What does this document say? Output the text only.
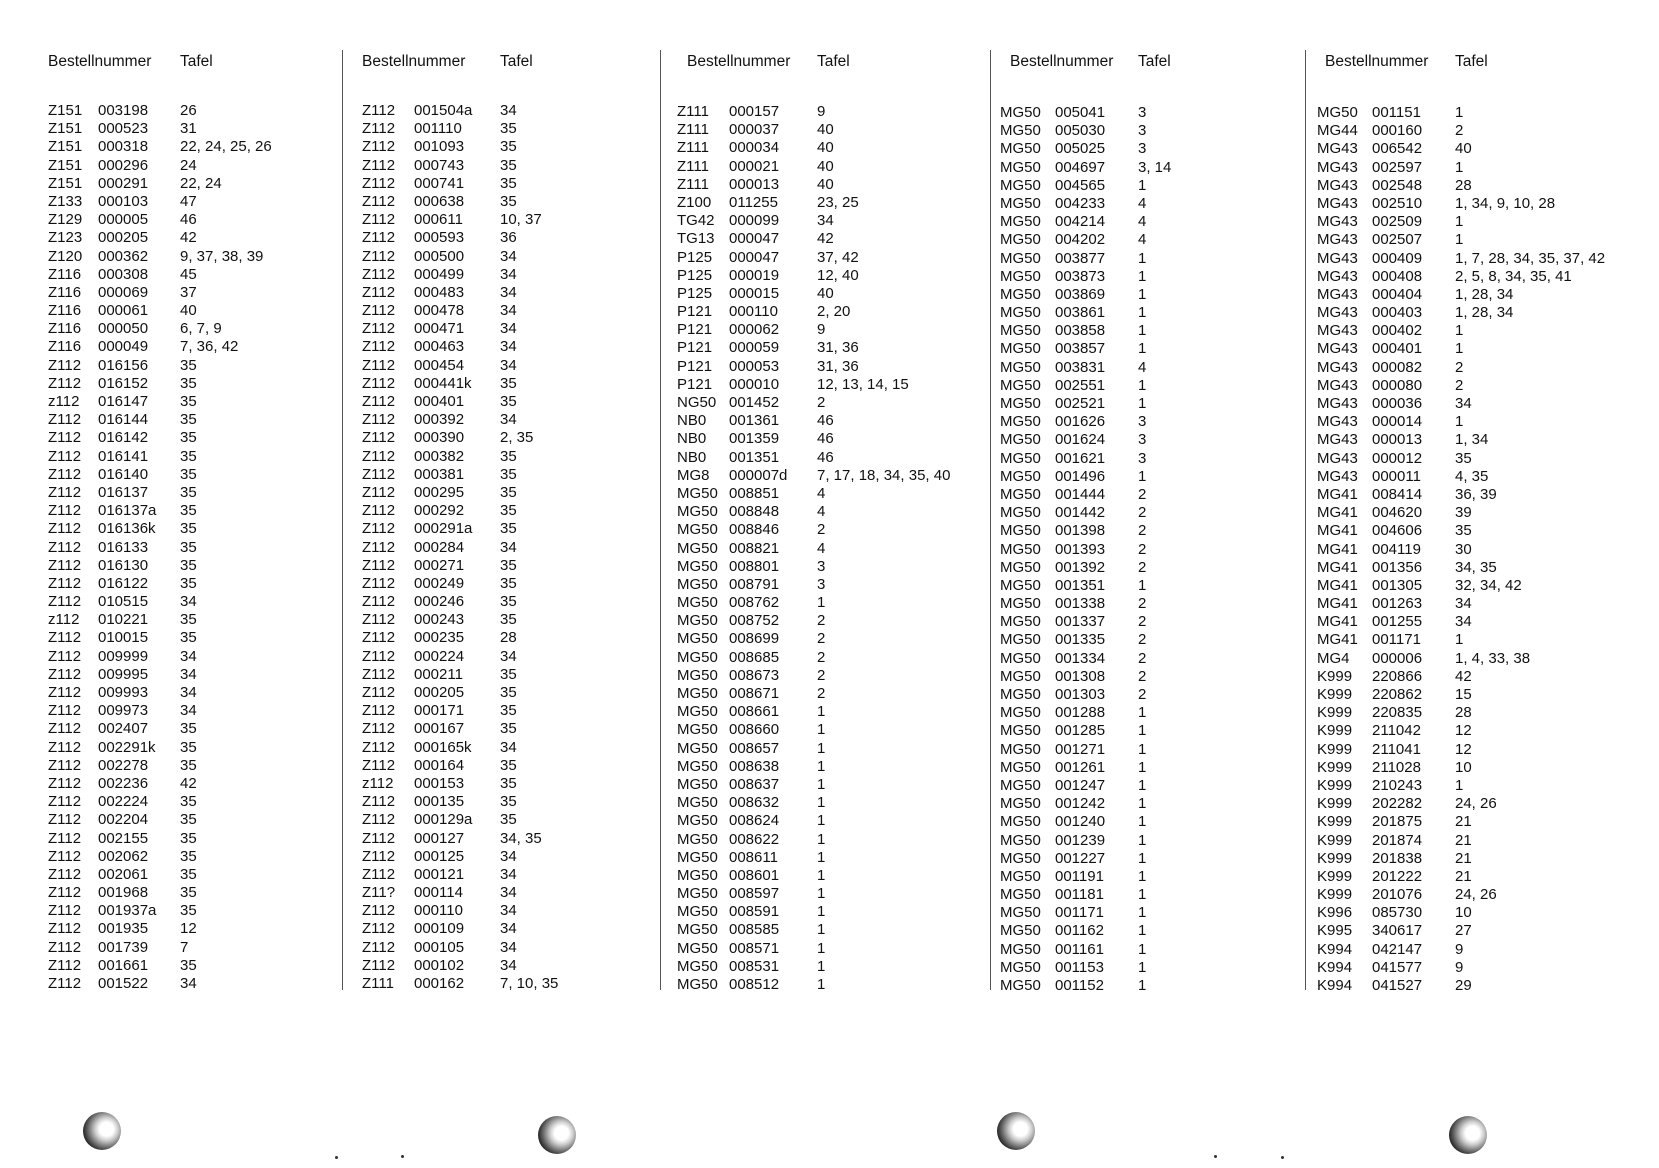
Bestellnummer Tafel
Z151 003198 26
Z151 000523 31
Z151 000318 22, 24, 25, 26
Z151 000296 24
Z151 000291 22, 24
Z133 000103 47
Z129 000005 46
Z123 000205 42
Z120 000362 9, 37, 38, 39
Z116 000308 45
Z116 000069 37
Z116 000061 40
Z116 000050 6, 7, 9
Z116 000049 7, 36, 42
Z112 016156 35
Z112 016152 35
z112 016147 35
Z112 016144 35
Z112 016142 35
Z112 016141 35
Z112 016140 35
Z112 016137 35
Z112 016137a 35
Z112 016136k 35
Z112 016133 35
Z112 016130 35
Z112 016122 35
Z112 010515 34
z112 010221 35
Z112 010015 35
Z112 009999 34
Z112 009995 34
Z112 009993 34
Z112 009973 34
Z112 002407 35
Z112 002291k 35
Z112 002278 35
Z112 002236 42
Z112 002224 35
Z112 002204 35
Z112 002155 35
Z112 002062 35
Z112 002061 35
Z112 001968 35
Z112 001937a 35
Z112 001935 12
Z112 001739 7
Z112 001661 35
Z112 001522 34
Bestellnummer Tafel
Z112 001504a 34
Z112 001110	35
Z112 001093 35
Z112 000743 35
Z112 000741 35
Z112 000638 35
Z112 000611 10, 37
Z112 000593 36
Z112 000500 34
Z112 000499 34
Z112 000483 34
Z112 000478 34
Z112 000471 34
Z112 000463 34
Z112 000454 34
Z112 000441k 35
Z112 000401 35
Z112 000392 34
Z112 000390 2, 35
Z112 000382 35
Z112 000381 35
Z112 000295 35
Z112 000292 35
Z112 000291a 35
Z112 000284 34
Z112 000271 35
Z112 000249 35
Z112 000246 35
Z112 000243 35
Z112 000235 28
Z112 000224 34
Z112 000211 35
Z112 000205 35
Z112 000171 35
Z112 000167 35
Z112 000165k 34
Z112 000164 35
z112 000153 35
Z112 000135 35
Z112 000129a 35
Z112 000127 34, 35
Z112 000125 34
Z112 000121 34
Z11? 000114 34
Z112 000110 34
Z112 000109 34
Z112 000105 34
Z112 000102 34
Z111 000162 7, 10, 35
Bestellnummer Tafel
Z111 000157	9
Z111 000037	40
Z111 000034	40
Z111 000021	40
Z111 000013	40
Z100 011255	23, 25
TG42 000099	34
TG13 000047	42
P125 000047	37, 42
P125 000019	12, 40
P125 000015	40
P121 000110	2, 20
P121 000062	9
P121 000059	31, 36
P121 000053	31, 36
P121 000010	12, 13, 14, 15
NG50 001452	2
NB0 001361	46
NB0 001359	46
NB0 001351	46
MG8 000007d 7, 17, 18, 34, 35, 40
MG50 008851	4
MG50 008848	4
MG50 008846	2
MG50 008821	4
MG50 008801	3
MG50 008791	3
MG50 008762	1
MG50 008752	2
MG50 008699	2
MG50 008685	2
MG50 008673	2
MG50 008671	2
MG50 008661	1
MG50 008660	1
MG50 008657	1
MG50 008638	1
MG50 008637	1
MG50 008632	1
MG50 008624	1
MG50 008622	1
MG50 008611	1
MG50 008601	1
MG50 008597	1
MG50 008591	1
MG50 008585	1
MG50 008571	1
MG50 008531	1
MG50 008512	1
Bestellnummer Tafel
MG50 005041 3
MG50 005030 3
MG50 005025 3
MG50 004697 3, 14
MG50 004565 1
MG50 004233 4
MG50 004214 4
MG50 004202 4
MG50 003877 1
MG50 003873 1
MG50 003869 1
MG50 003861 1
MG50 003858 1
MG50 003857 1
MG50 003831 4
MG50 002551 1
MG50 002521 1
MG50 001626 3
MG50 001624 3
MG50 001621 3
MG50 001496 1
MG50 001444 2
MG50 001442 2
MG50 001398 2
MG50 001393 2
MG50 001392 2
MG50 001351 1
MG50 001338 2
MG50 001337 2
MG50 001335 2
MG50 001334 2
MG50 001308 2
MG50 001303 2
MG50 001288 1
MG50 001285 1
MG50 001271 1
MG50 001261 1
MG50 001247 1
MG50 001242 1
MG50 001240 1
MG50 001239 1
MG50 001227 1
MG50 001191 1
MG50 001181 1
MG50 001171 1
MG50 001162 1
MG50 001161 1
MG50 001153 1
MG50 001152 1
Bestellnummer Tafel
MG50 001151 1
MG44 000160 2
MG43 006542 40
MG43 002597 1
MG43 002548 28
MG43 002510 1, 34, 9, 10, 28
MG43 002509 1
MG43 002507 1
MG43 000409 1, 7, 28, 34, 35, 37, 42
MG43 000408 2, 5, 8, 34, 35, 41
MG43 000404 1, 28, 34
MG43 000403 1, 28, 34
MG43 000402 1
MG43 000401 1
MG43 000082 2
MG43 000080 2
MG43 000036 34
MG43 000014 1
MG43 000013 1, 34
MG43 000012 35
MG43 000011 4, 35
MG41 008414 36, 39
MG41 004620 39
MG41 004606 35
MG41 004119 30
MG41 001356 34, 35
MG41 001305 32, 34, 42
MG41 001263 34
MG41 001255 34
MG41 001171 1
MG4 000006 1, 4, 33, 38
K999 220866 42
K999 220862 15
K999 220835 28
K999 211042 12
K999 211041 12
K999 211028 10
K999 210243 1
K999 202282 24, 26
K999 201875 21
K999 201874 21
K999 201838 21
K999 201222 21
K999 201076 24, 26
K996 085730 10
K995 340617 27
K994 042147 9
K994 041577 9
K994 041527 29
